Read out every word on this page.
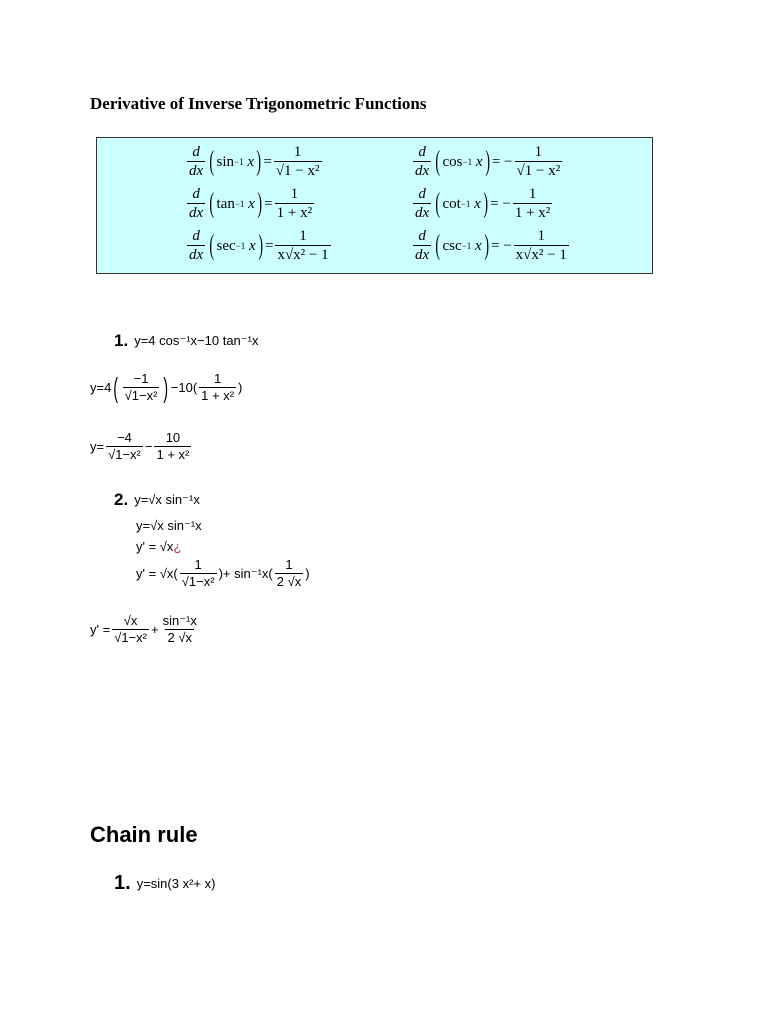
Derivative of Inverse Trigonometric Functions
$\frac{d}{dx}$ ( sin −1
x ) = $\frac{1}{\text{√1 − x²}}$
$\frac{d}{dx}$ ( tan −1
x ) = $\frac{1}{\text{1 + x²}}$
$\frac{d}{dx}$ ( sec −1
x ) = $\frac{1}{\text{x√x² − 1}}$
$\frac{d}{dx}$ ( cos −1
x ) = − $\frac{1}{\text{√1 − x²}}$
$\frac{d}{dx}$ ( cot −1
x ) = − $\frac{1}{\text{1 + x²}}$
$\frac{d}{dx}$ ( csc −1
x ) = − $\frac{1}{\text{x√x² − 1}}$
1. y=4 cos⁻¹x−10 tan⁻¹x
y=4 ( $\frac{-1}{\text{√1−x²}}$ ) $-10( \frac{1}{\text{1 + x²}}$ )
$y= \frac{-4}{\text{√1−x²}} - \frac{10}{\text{1 + x²}}$
2. y=√x sin⁻¹x
y=√x sin⁻¹x
y' = √x ¿
$y' = √x( \frac{1}{\text{√1−x²}}$ )+ $\sin^{-1}x( \frac{1}{2 √x}$ )
$y' = \frac{√x}{\text{√1−x²}} + \frac{\text{sin⁻¹x}}{2 √x}$
Chain rule
1. y=sin(3 x²+ x)
